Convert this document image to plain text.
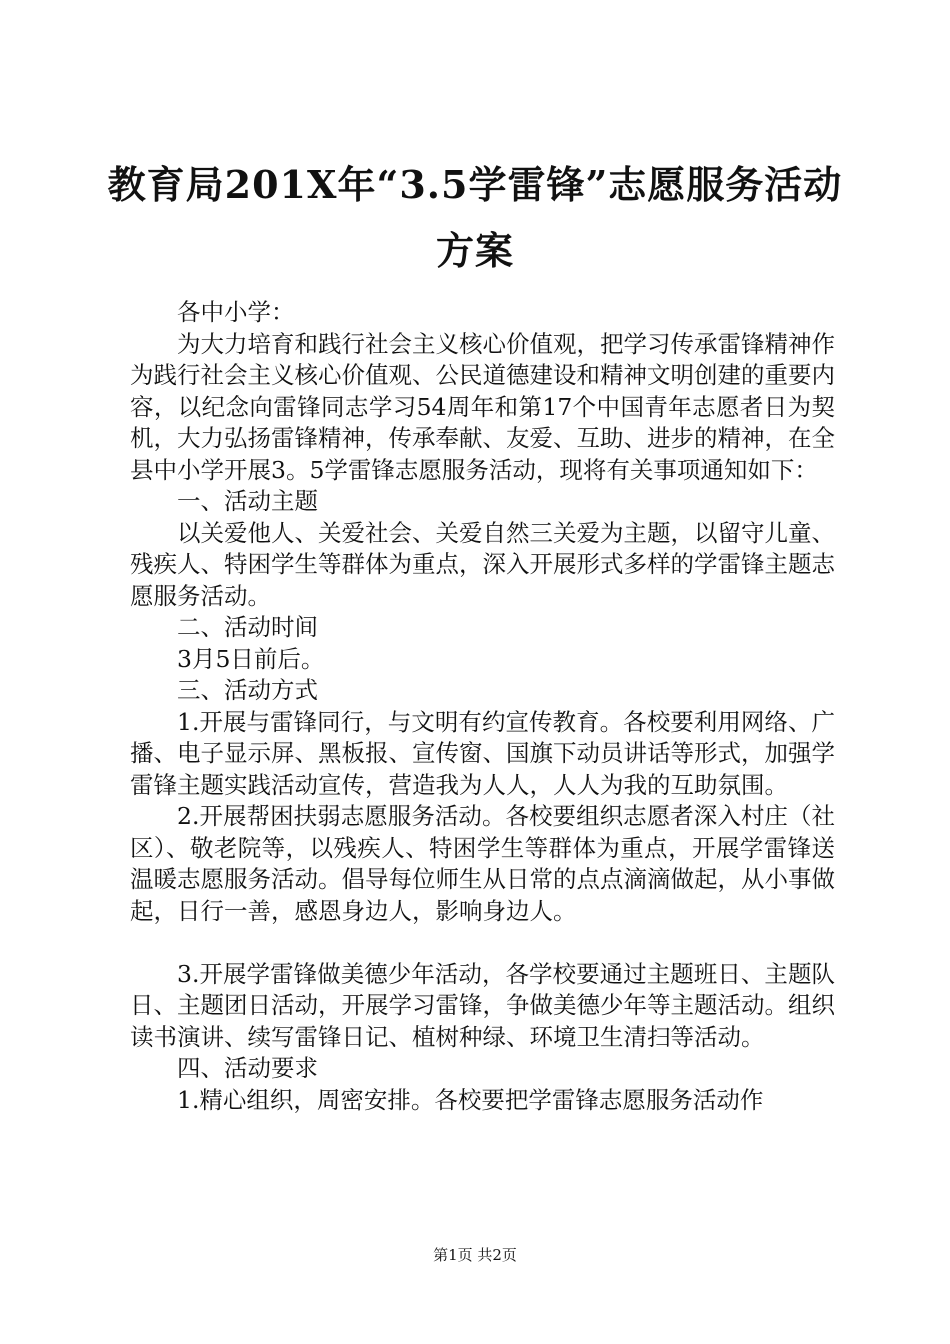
教育局201X年“3.5学雷锋”志愿服务活动方案

各中小学：

为大力培育和践行社会主义核心价值观，把学习传承雷锋精神作为践行社会主义核心价值观、公民道德建设和精神文明创建的重要内容，以纪念向雷锋同志学习54周年和第17个中国青年志愿者日为契机，大力弘扬雷锋精神，传承奉献、友爱、互助、进步的精神，在全县中小学开展3。5学雷锋志愿服务活动，现将有关事项通知如下：

一、活动主题

以关爱他人、关爱社会、关爱自然三关爱为主题，以留守儿童、残疾人、特困学生等群体为重点，深入开展形式多样的学雷锋主题志愿服务活动。

二、活动时间

3月5日前后。

三、活动方式

1.开展与雷锋同行，与文明有约宣传教育。各校要利用网络、广播、电子显示屏、黑板报、宣传窗、国旗下动员讲话等形式，加强学雷锋主题实践活动宣传，营造我为人人，人人为我的互助氛围。

2.开展帮困扶弱志愿服务活动。各校要组织志愿者深入村庄（社区）、敬老院等，以残疾人、特困学生等群体为重点，开展学雷锋送温暖志愿服务活动。倡导每位师生从日常的点点滴滴做起，从小事做起，日行一善，感恩身边人，影响身边人。

3.开展学雷锋做美德少年活动，各学校要通过主题班日、主题队日、主题团日活动，开展学习雷锋，争做美德少年等主题活动。组织读书演讲、续写雷锋日记、植树种绿、环境卫生清扫等活动。

四、活动要求

1.精心组织，周密安排。各校要把学雷锋志愿服务活动作

第1页 共2页
